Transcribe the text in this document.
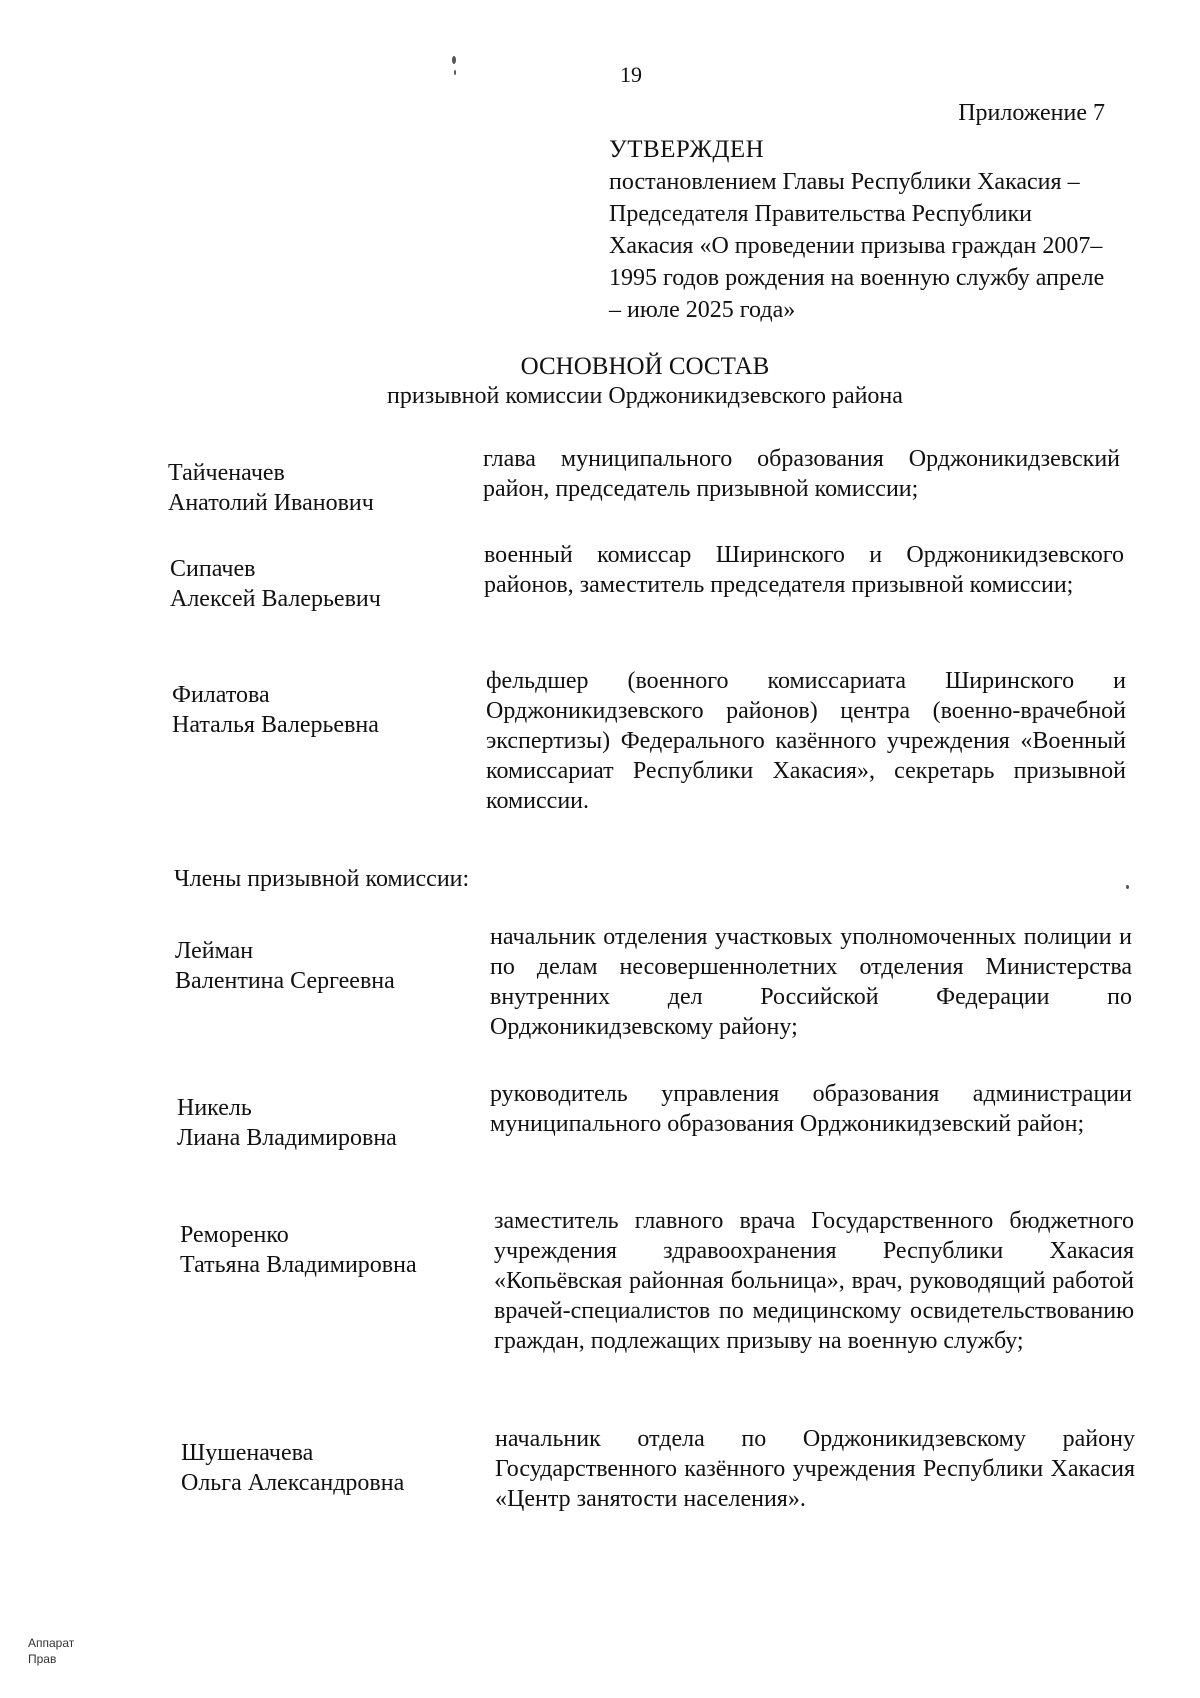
19
Приложение 7
УТВЕРЖДЕН
постановлением Главы Республики Хакасия – Председателя Правительства Республики Хакасия «О проведении призыва граждан 2007–1995 годов рождения на военную службу апреле – июле 2025 года»
ОСНОВНОЙ СОСТАВ
призывной комиссии Орджоникидзевского района
Тайченачев
Анатолий Иванович
глава муниципального образования Орджоникидзевский район, председатель призывной комиссии;
Сипачев
Алексей Валерьевич
военный комиссар Ширинского и Орджоникидзевского районов, заместитель председателя призывной комиссии;
Филатова
Наталья Валерьевна
фельдшер (военного комиссариата Ширинского и Орджоникидзевского районов) центра (военно-врачебной экспертизы) Федерального казённого учреждения «Военный комиссариат Республики Хакасия», секретарь призывной комиссии.
Члены призывной комиссии:
Лейман
Валентина Сергеевна
начальник отделения участковых уполномоченных полиции и по делам несовершеннолетних отделения Министерства внутренних дел Российской Федерации по Орджоникидзевскому району;
Никель
Лиана Владимировна
руководитель управления образования администрации муниципального образования Орджоникидзевский район;
Реморенко
Татьяна Владимировна
заместитель главного врача Государственного бюджетного учреждения здравоохранения Республики Хакасия «Копьёвская районная больница», врач, руководящий работой врачей-специалистов по медицинскому освидетельствованию граждан, подлежащих призыву на военную службу;
Шушеначева
Ольга Александровна
начальник отдела по Орджоникидзевскому району Государственного казённого учреждения Республики Хакасия «Центр занятости населения».
Аппарат
Прав
